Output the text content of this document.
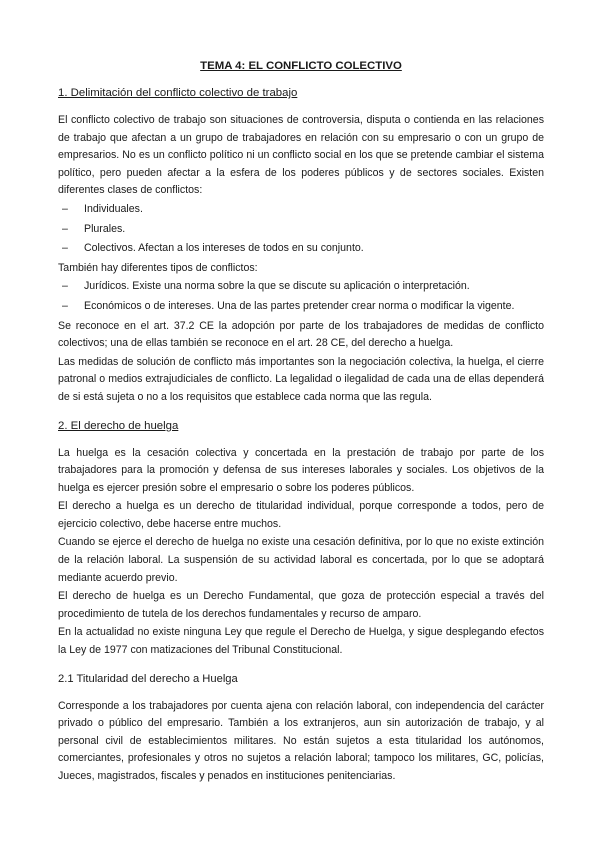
TEMA 4: EL CONFLICTO COLECTIVO
1. Delimitación del conflicto colectivo de trabajo

El conflicto colectivo de trabajo son situaciones de controversia, disputa o contienda en las relaciones de trabajo que afectan a un grupo de trabajadores en relación con su empresario o con un grupo de empresarios. No es un conflicto político ni un conflicto social en los que se pretende cambiar el sistema político, pero pueden afectar a la esfera de los poderes públicos y de sectores sociales. Existen diferentes clases de conflictos:

– Individuales.
– Plurales.
– Colectivos. Afectan a los intereses de todos en su conjunto.

También hay diferentes tipos de conflictos:

– Jurídicos. Existe una norma sobre la que se discute su aplicación o interpretación.
– Económicos o de intereses. Una de las partes pretender crear norma o modificar la vigente.

Se reconoce en el art. 37.2 CE la adopción por parte de los trabajadores de medidas de conflicto colectivos; una de ellas también se reconoce en el art. 28 CE, del derecho a huelga.

Las medidas de solución de conflicto más importantes son la negociación colectiva, la huelga, el cierre patronal o medios extrajudiciales de conflicto. La legalidad o ilegalidad de cada una de ellas dependerá de si está sujeta o no a los requisitos que establece cada norma que las regula.

2. El derecho de huelga

La huelga es la cesación colectiva y concertada en la prestación de trabajo por parte de los trabajadores para la promoción y defensa de sus intereses laborales y sociales. Los objetivos de la huelga es ejercer presión sobre el empresario o sobre los poderes públicos.

El derecho a huelga es un derecho de titularidad individual, porque corresponde a todos, pero de ejercicio colectivo, debe hacerse entre muchos.

Cuando se ejerce el derecho de huelga no existe una cesación definitiva, por lo que no existe extinción de la relación laboral. La suspensión de su actividad laboral es concertada, por lo que se adoptará mediante acuerdo previo.

El derecho de huelga es un Derecho Fundamental, que goza de protección especial a través del procedimiento de tutela de los derechos fundamentales y recurso de amparo.

En la actualidad no existe ninguna Ley que regule el Derecho de Huelga, y sigue desplegando efectos la Ley de 1977 con matizaciones del Tribunal Constitucional.

2.1 Titularidad del derecho a Huelga

Corresponde a los trabajadores por cuenta ajena con relación laboral, con independencia del carácter privado o público del empresario. También a los extranjeros, aun sin autorización de trabajo, y al personal civil de establecimientos militares. No están sujetos a esta titularidad los autónomos, comerciantes, profesionales y otros no sujetos a relación laboral; tampoco los militares, GC, policías, Jueces, magistrados, fiscales y penados en instituciones penitenciarias.
